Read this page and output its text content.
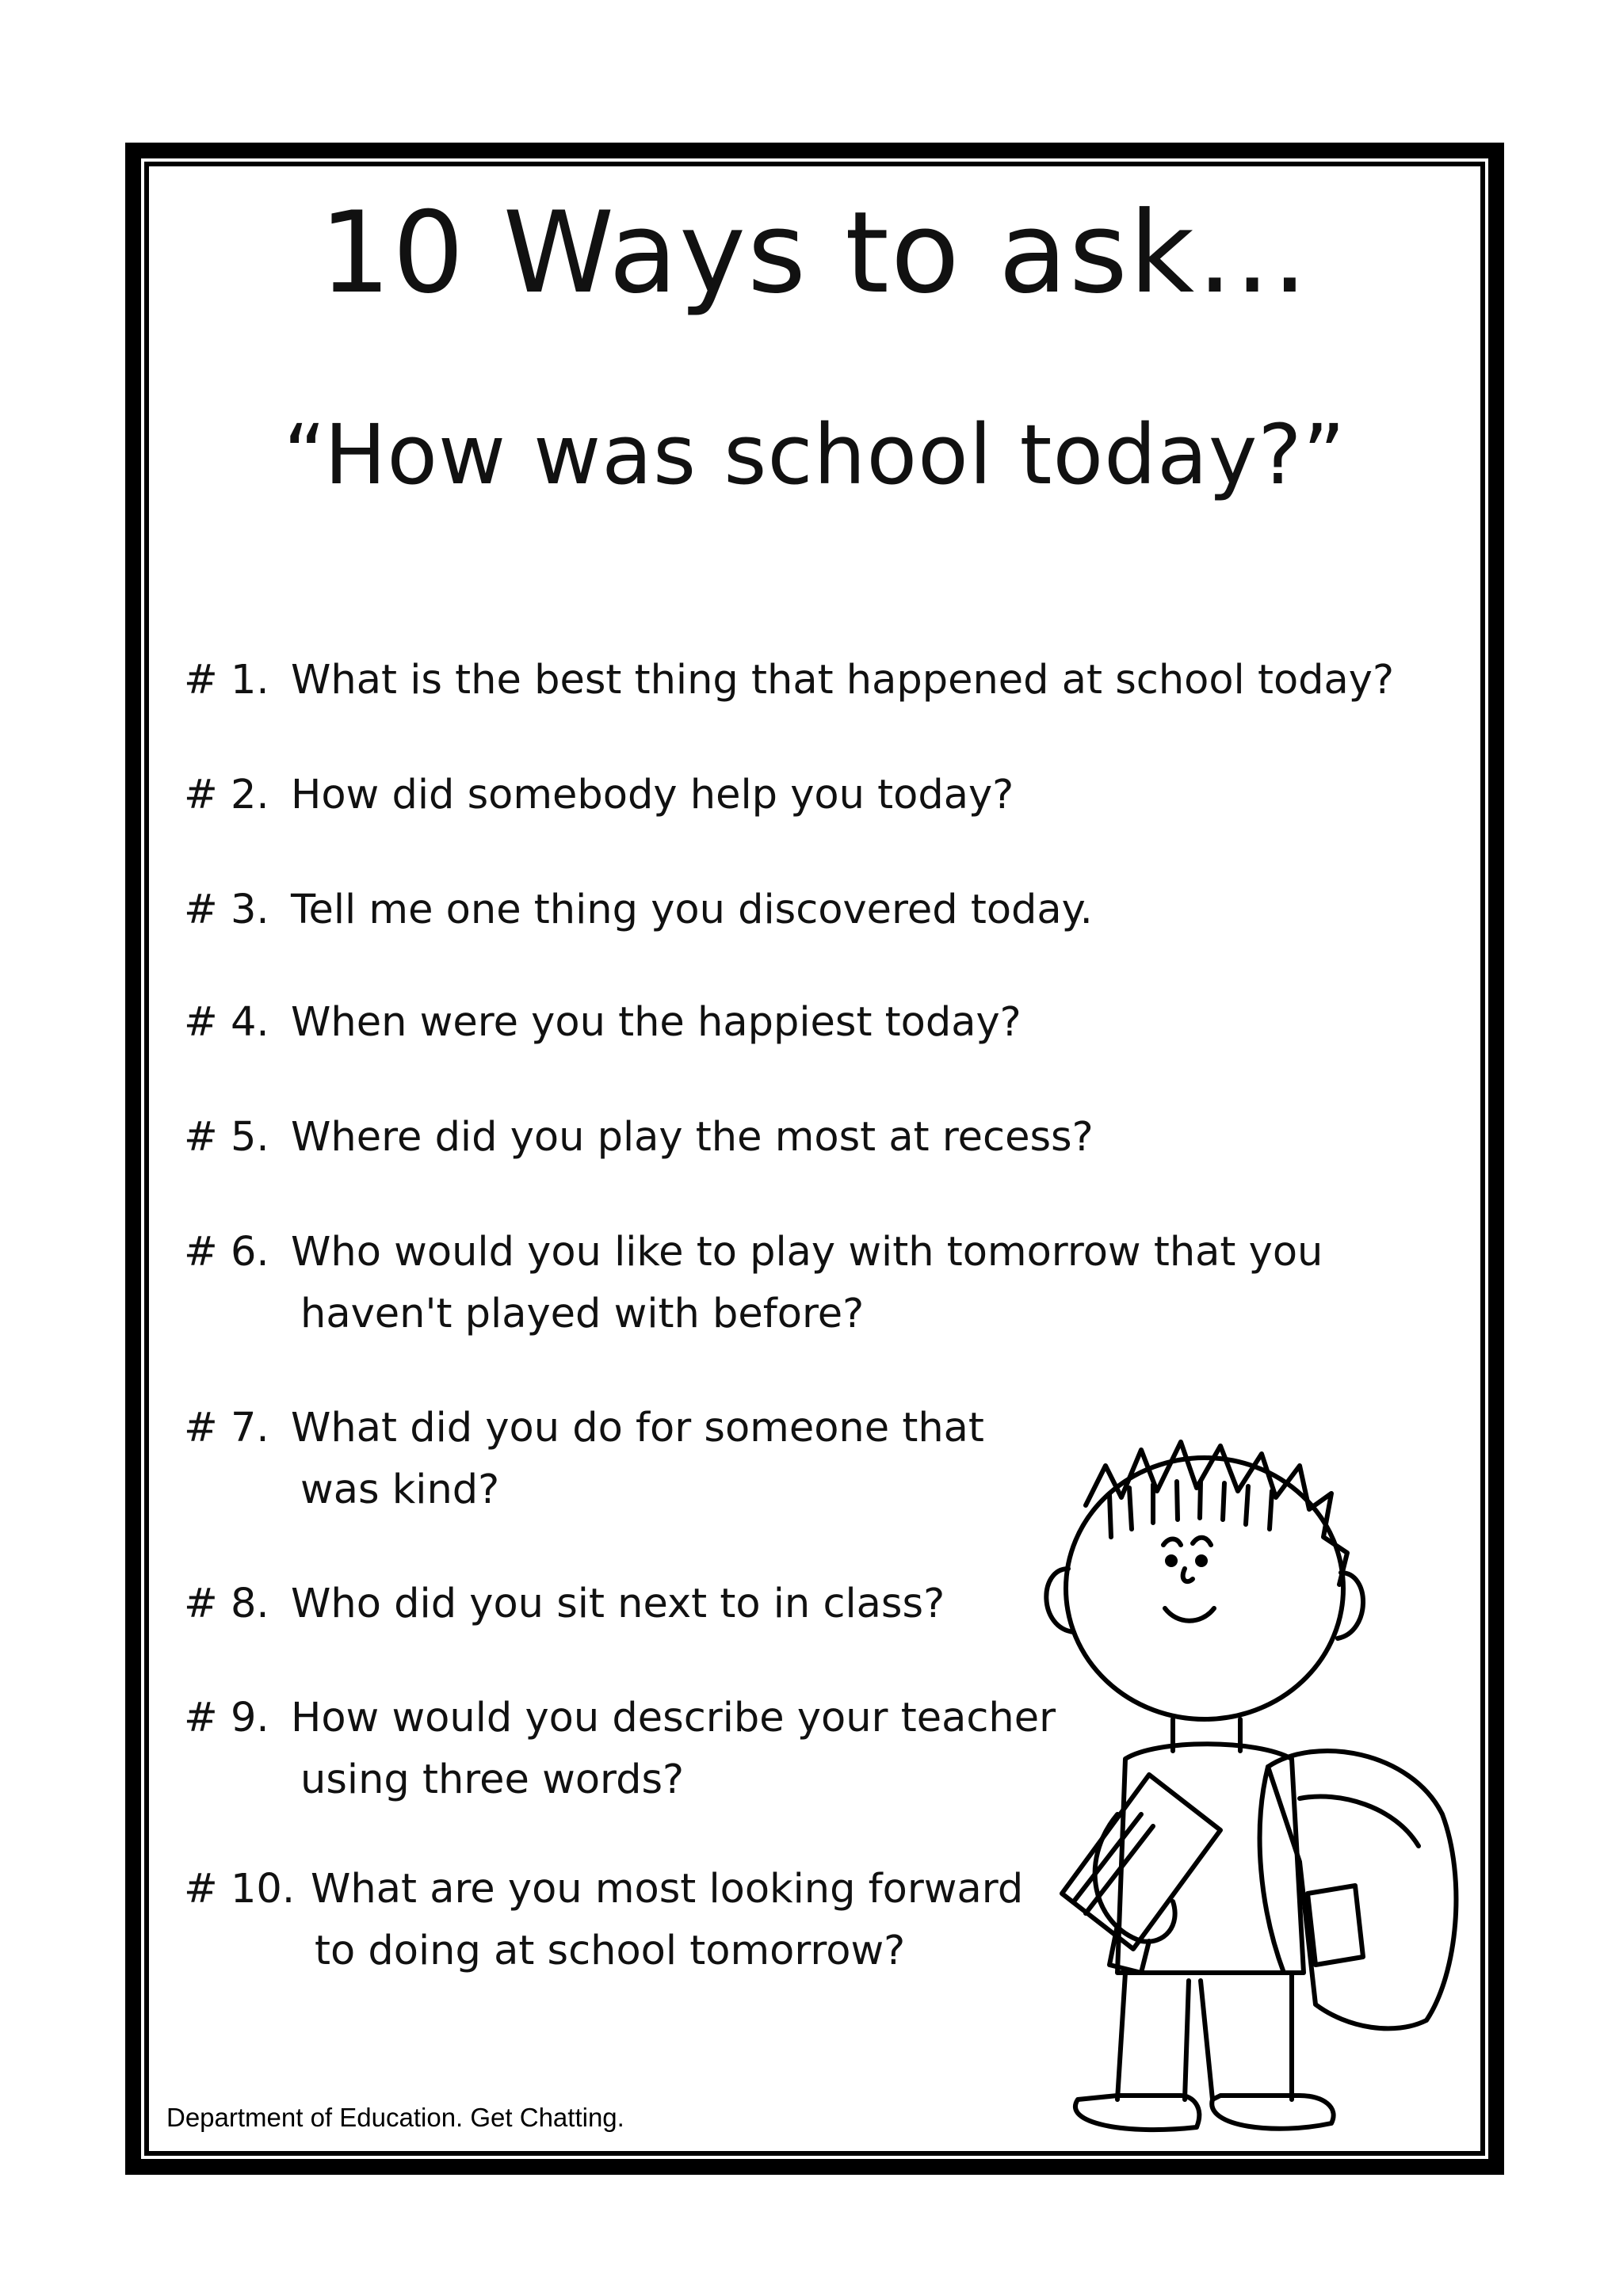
10 Ways to ask…
“How was school today?”
# 1. What is the best thing that happened at school today?
# 2. How did somebody help you today?
# 3. Tell me one thing you discovered today.
# 4. When were you the happiest today?
# 5. Where did you play the most at recess?
# 6. Who would you like to play with tomorrow that you
haven't played with before?
# 7. What did you do for someone that
was kind?
# 8. Who did you sit next to in class?
# 9. How would you describe your teacher
using three words?
# 10. What are you most looking forward
to doing at school tomorrow?
Department of Education. Get Chatting.
